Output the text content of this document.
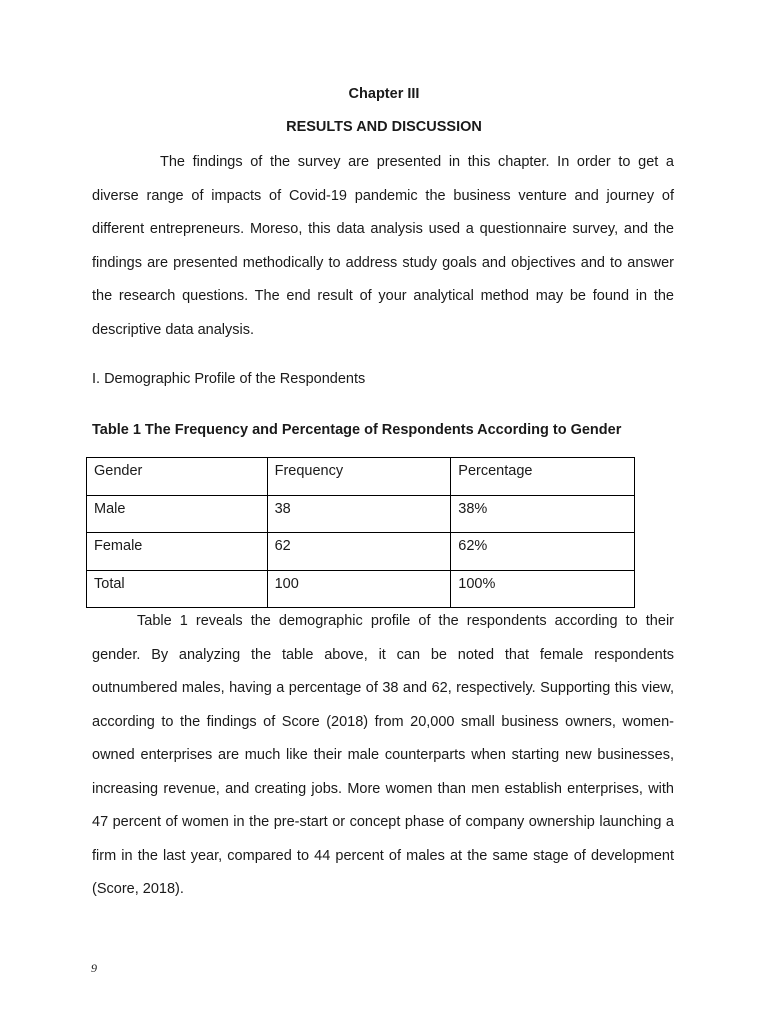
Chapter III
RESULTS AND DISCUSSION

The findings of the survey are presented in this chapter. In order to get a diverse range of impacts of Covid-19 pandemic the business venture and journey of different entrepreneurs. Moreso, this data analysis used a questionnaire survey, and the findings are presented methodically to address study goals and objectives and to answer the research questions. The end result of your analytical method may be found in the descriptive data analysis.

I. Demographic Profile of the Respondents
Table 1 The Frequency and Percentage of Respondents According to Gender
Gender	Frequency	Percentage
Male	38	38%
Female	62	62%
Total	100	100%

Table 1 reveals the demographic profile of the respondents according to their gender. By analyzing the table above, it can be noted that female respondents outnumbered males, having a percentage of 38 and 62, respectively. Supporting this view, according to the findings of Score (2018) from 20,000 small business owners, women-owned enterprises are much like their male counterparts when starting new businesses, increasing revenue, and creating jobs. More women than men establish enterprises, with 47 percent of women in the pre-start or concept phase of company ownership launching a firm in the last year, compared to 44 percent of males at the same stage of development (Score, 2018).

9
